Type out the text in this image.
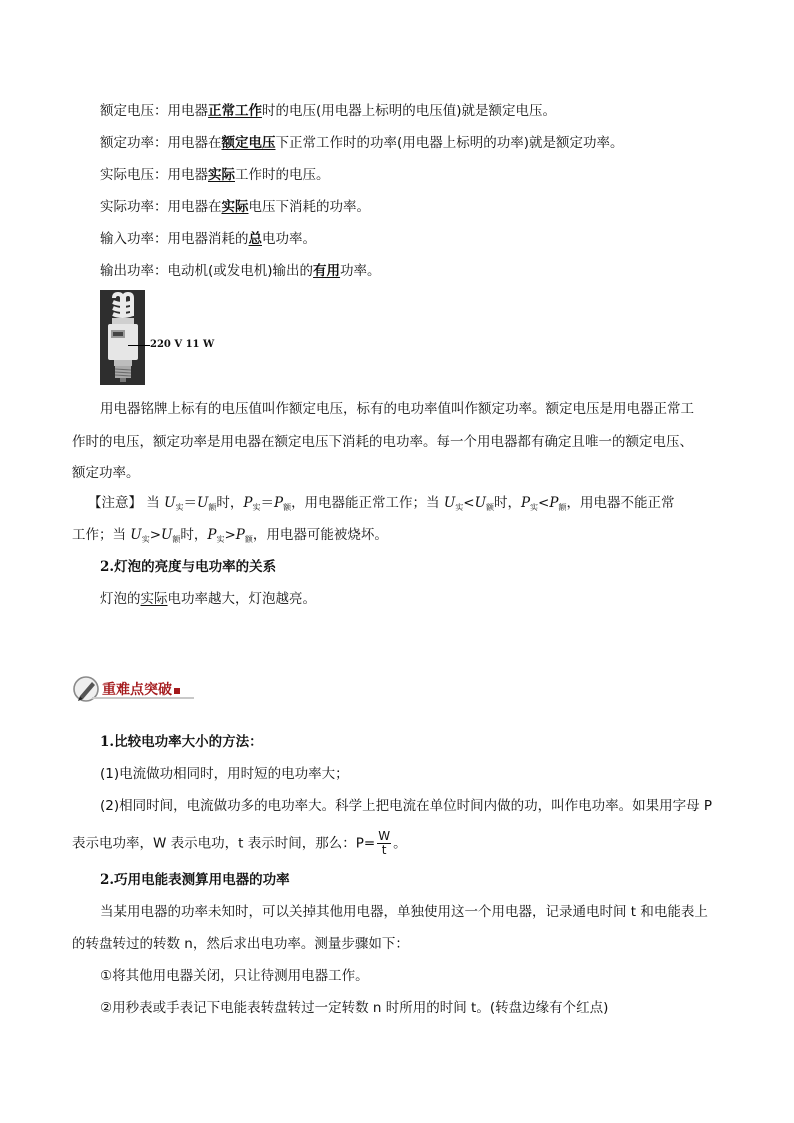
额定电压：用电器正常工作时的电压(用电器上标明的电压值)就是额定电压。
额定功率：用电器在额定电压下正常工作时的功率(用电器上标明的功率)就是额定功率。
实际电压：用电器实际工作时的电压。
实际功率：用电器在实际电压下消耗的功率。
输入功率：用电器消耗的总电功率。
输出功率：电动机(或发电机)输出的有用功率。
220 V 11 W
用电器铭牌上标有的电压值叫作额定电压，标有的电功率值叫作额定功率。额定电压是用电器正常工
作时的电压，额定功率是用电器在额定电压下消耗的电功率。每一个用电器都有确定且唯一的额定电压、
额定功率。
【注意】 当 $U_实=U_额$时，$P_实=P_额$，用电器能正常工作；当 $U_实<U_额$时，$P_实<P_额$，用电器不能正常
工作；当 $U_实>U_额$时，$P_实>P_额$，用电器可能被烧坏。
2.灯泡的亮度与电功率的关系
灯泡的实际电功率越大，灯泡越亮。
重难点突破
1.比较电功率大小的方法：
(1)电流做功相同时，用时短的电功率大；
(2)相同时间，电流做功多的电功率大。科学上把电流在单位时间内做的功，叫作电功率。如果用字母 P
表示电功率，W 表示电功，t 表示时间，那么：$P= \frac{W}{t}$ 。
2.巧用电能表测算用电器的功率
当某用电器的功率未知时，可以关掉其他用电器，单独使用这一个用电器，记录通电时间 t 和电能表上
的转盘转过的转数 n，然后求出电功率。测量步骤如下：
①将其他用电器关闭，只让待测用电器工作。
②用秒表或手表记下电能表转盘转过一定转数 n 时所用的时间 t。(转盘边缘有个红点)
